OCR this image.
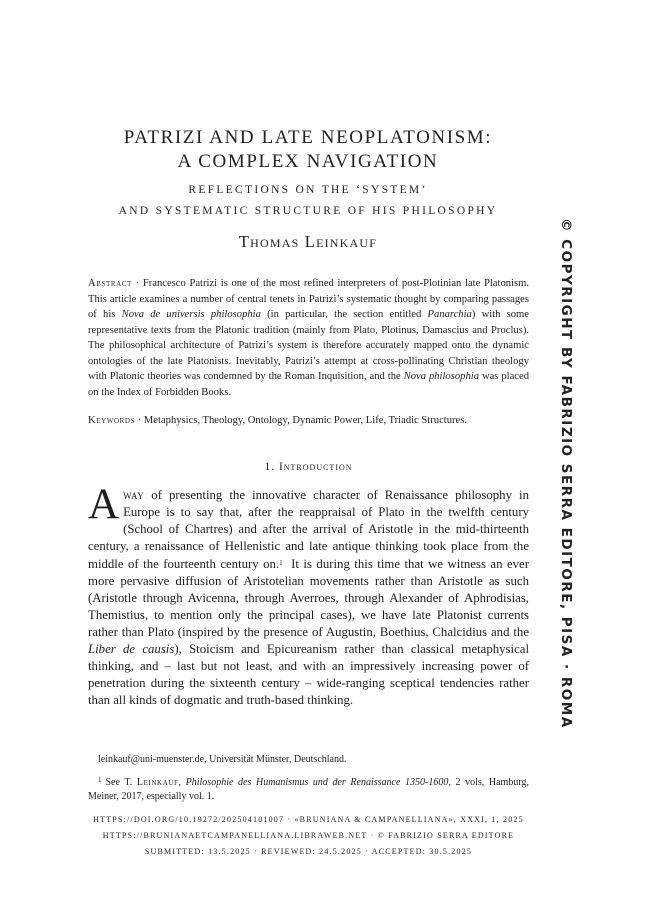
PATRIZI AND LATE NEOPLATONISM:
A COMPLEX NAVIGATION
REFLECTIONS ON THE ‘SYSTEM’
AND SYSTEMATIC STRUCTURE OF HIS PHILOSOPHY
Thomas Leinkauf
Abstract · Francesco Patrizi is one of the most refined interpreters of post-Plotinian late Platonism. This article examines a number of central tenets in Patrizi’s systematic thought by comparing passages of his Nova de universis philosophia (in particular, the section entitled Panarchia) with some representative texts from the Platonic tradition (mainly from Plato, Plotinus, Damascius and Proclus). The philosophical architecture of Patrizi’s system is therefore accurately mapped onto the dynamic ontologies of the late Platonists. Inevitably, Patrizi’s attempt at cross-pollinating Christian theology with Platonic theories was condemned by the Roman Inquisition, and the Nova philosophia was placed on the Index of Forbidden Books.
Keywords · Metaphysics, Theology, Ontology, Dynamic Power, Life, Triadic Structures.
1. Introduction
Away of presenting the innovative character of Renaissance philosophy in Europe is to say that, after the reappraisal of Plato in the twelfth century (School of Chartres) and after the arrival of Aristotle in the mid-thirteenth century, a renaissance of Hellenistic and late antique thinking took place from the middle of the fourteenth century on.$^1$ It is during this time that we witness an ever more pervasive diffusion of Aristotelian movements rather than Aristotle as such (Aristotle through Avicenna, through Averroes, through Alexander of Aphrodisias, Themistius, to mention only the principal cases), we have late Platonist currents rather than Plato (inspired by the presence of Augustin, Boethius, Chalcidius and the Liber de causis), Stoicism and Epicureanism rather than classical metaphysical thinking, and – last but not least, and with an impressively increasing power of penetration during the sixteenth century – wide-ranging sceptical tendencies rather than all kinds of dogmatic and truth-based thinking.
leinkauf@uni-muenster.de, Universität Münster, Deutschland.
$^1$ See T. Leinkauf, Philosophie des Humanismus und der Renaissance 1350-1600, 2 vols, Hamburg, Meiner, 2017, especially vol. 1.
HTTPS://DOI.ORG/10.19272/202504101007 · «BRUNIANA & CAMPANELLIANA», XXXI, 1, 2025
HTTPS://BRUNIANAETCAMPANELLIANA.LIBRAWEB.NET · © FABRIZIO SERRA EDITORE
SUBMITTED: 13.5.2025 · REVIEWED: 24.5.2025 · ACCEPTED: 30.5.2025
© COPYRIGHT BY FABRIZIO SERRA EDITORE, PISA · ROMA
